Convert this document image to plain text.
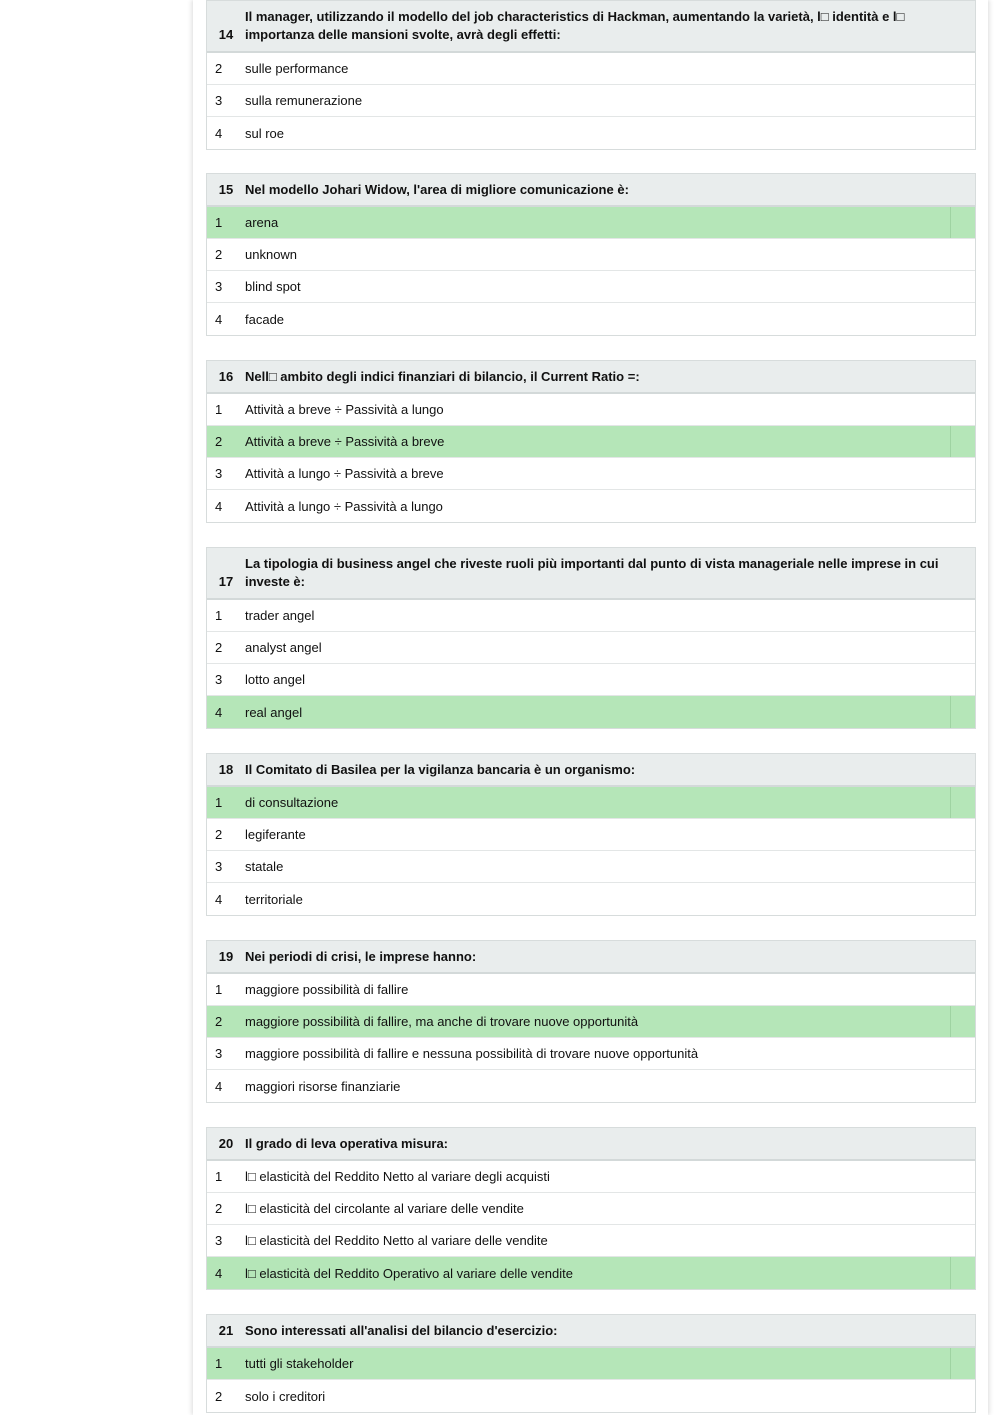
14
Il manager, utilizzando il modello del job characteristics di Hackman, aumentando la varietà, l□ identità e l□ importanza delle mansioni svolte, avrà degli effetti:
2	sulle performance
3	sulla remunerazione
4	sul roe
15 Nel modello Johari Widow, l'area di migliore comunicazione è:
1	arena
2	unknown
3	blind spot
4	facade
16 Nell□ ambito degli indici finanziari di bilancio, il Current Ratio =:
1	Attività a breve ÷ Passività a lungo
2	Attività a breve ÷ Passività a breve
3	Attività a lungo ÷ Passività a breve
4	Attività a lungo ÷ Passività a lungo
17
La tipologia di business angel che riveste ruoli più importanti dal punto di vista manageriale nelle imprese in cui investe è:
1	trader angel
2	analyst angel
3	lotto angel
4	real angel
18 Il Comitato di Basilea per la vigilanza bancaria è un organismo:
1	di consultazione
2	legiferante
3	statale
4	territoriale
19 Nei periodi di crisi, le imprese hanno:
1	maggiore possibilità di fallire
2	maggiore possibilità di fallire, ma anche di trovare nuove opportunità
3	maggiore possibilità di fallire e nessuna possibilità di trovare nuove opportunità
4	maggiori risorse finanziarie
20 Il grado di leva operativa misura:
1	l□ elasticità del Reddito Netto al variare degli acquisti
2	l□ elasticità del circolante al variare delle vendite
3	l□ elasticità del Reddito Netto al variare delle vendite
4	l□ elasticità del Reddito Operativo al variare delle vendite
21 Sono interessati all'analisi del bilancio d'esercizio:
1	tutti gli stakeholder
2	solo i creditori
